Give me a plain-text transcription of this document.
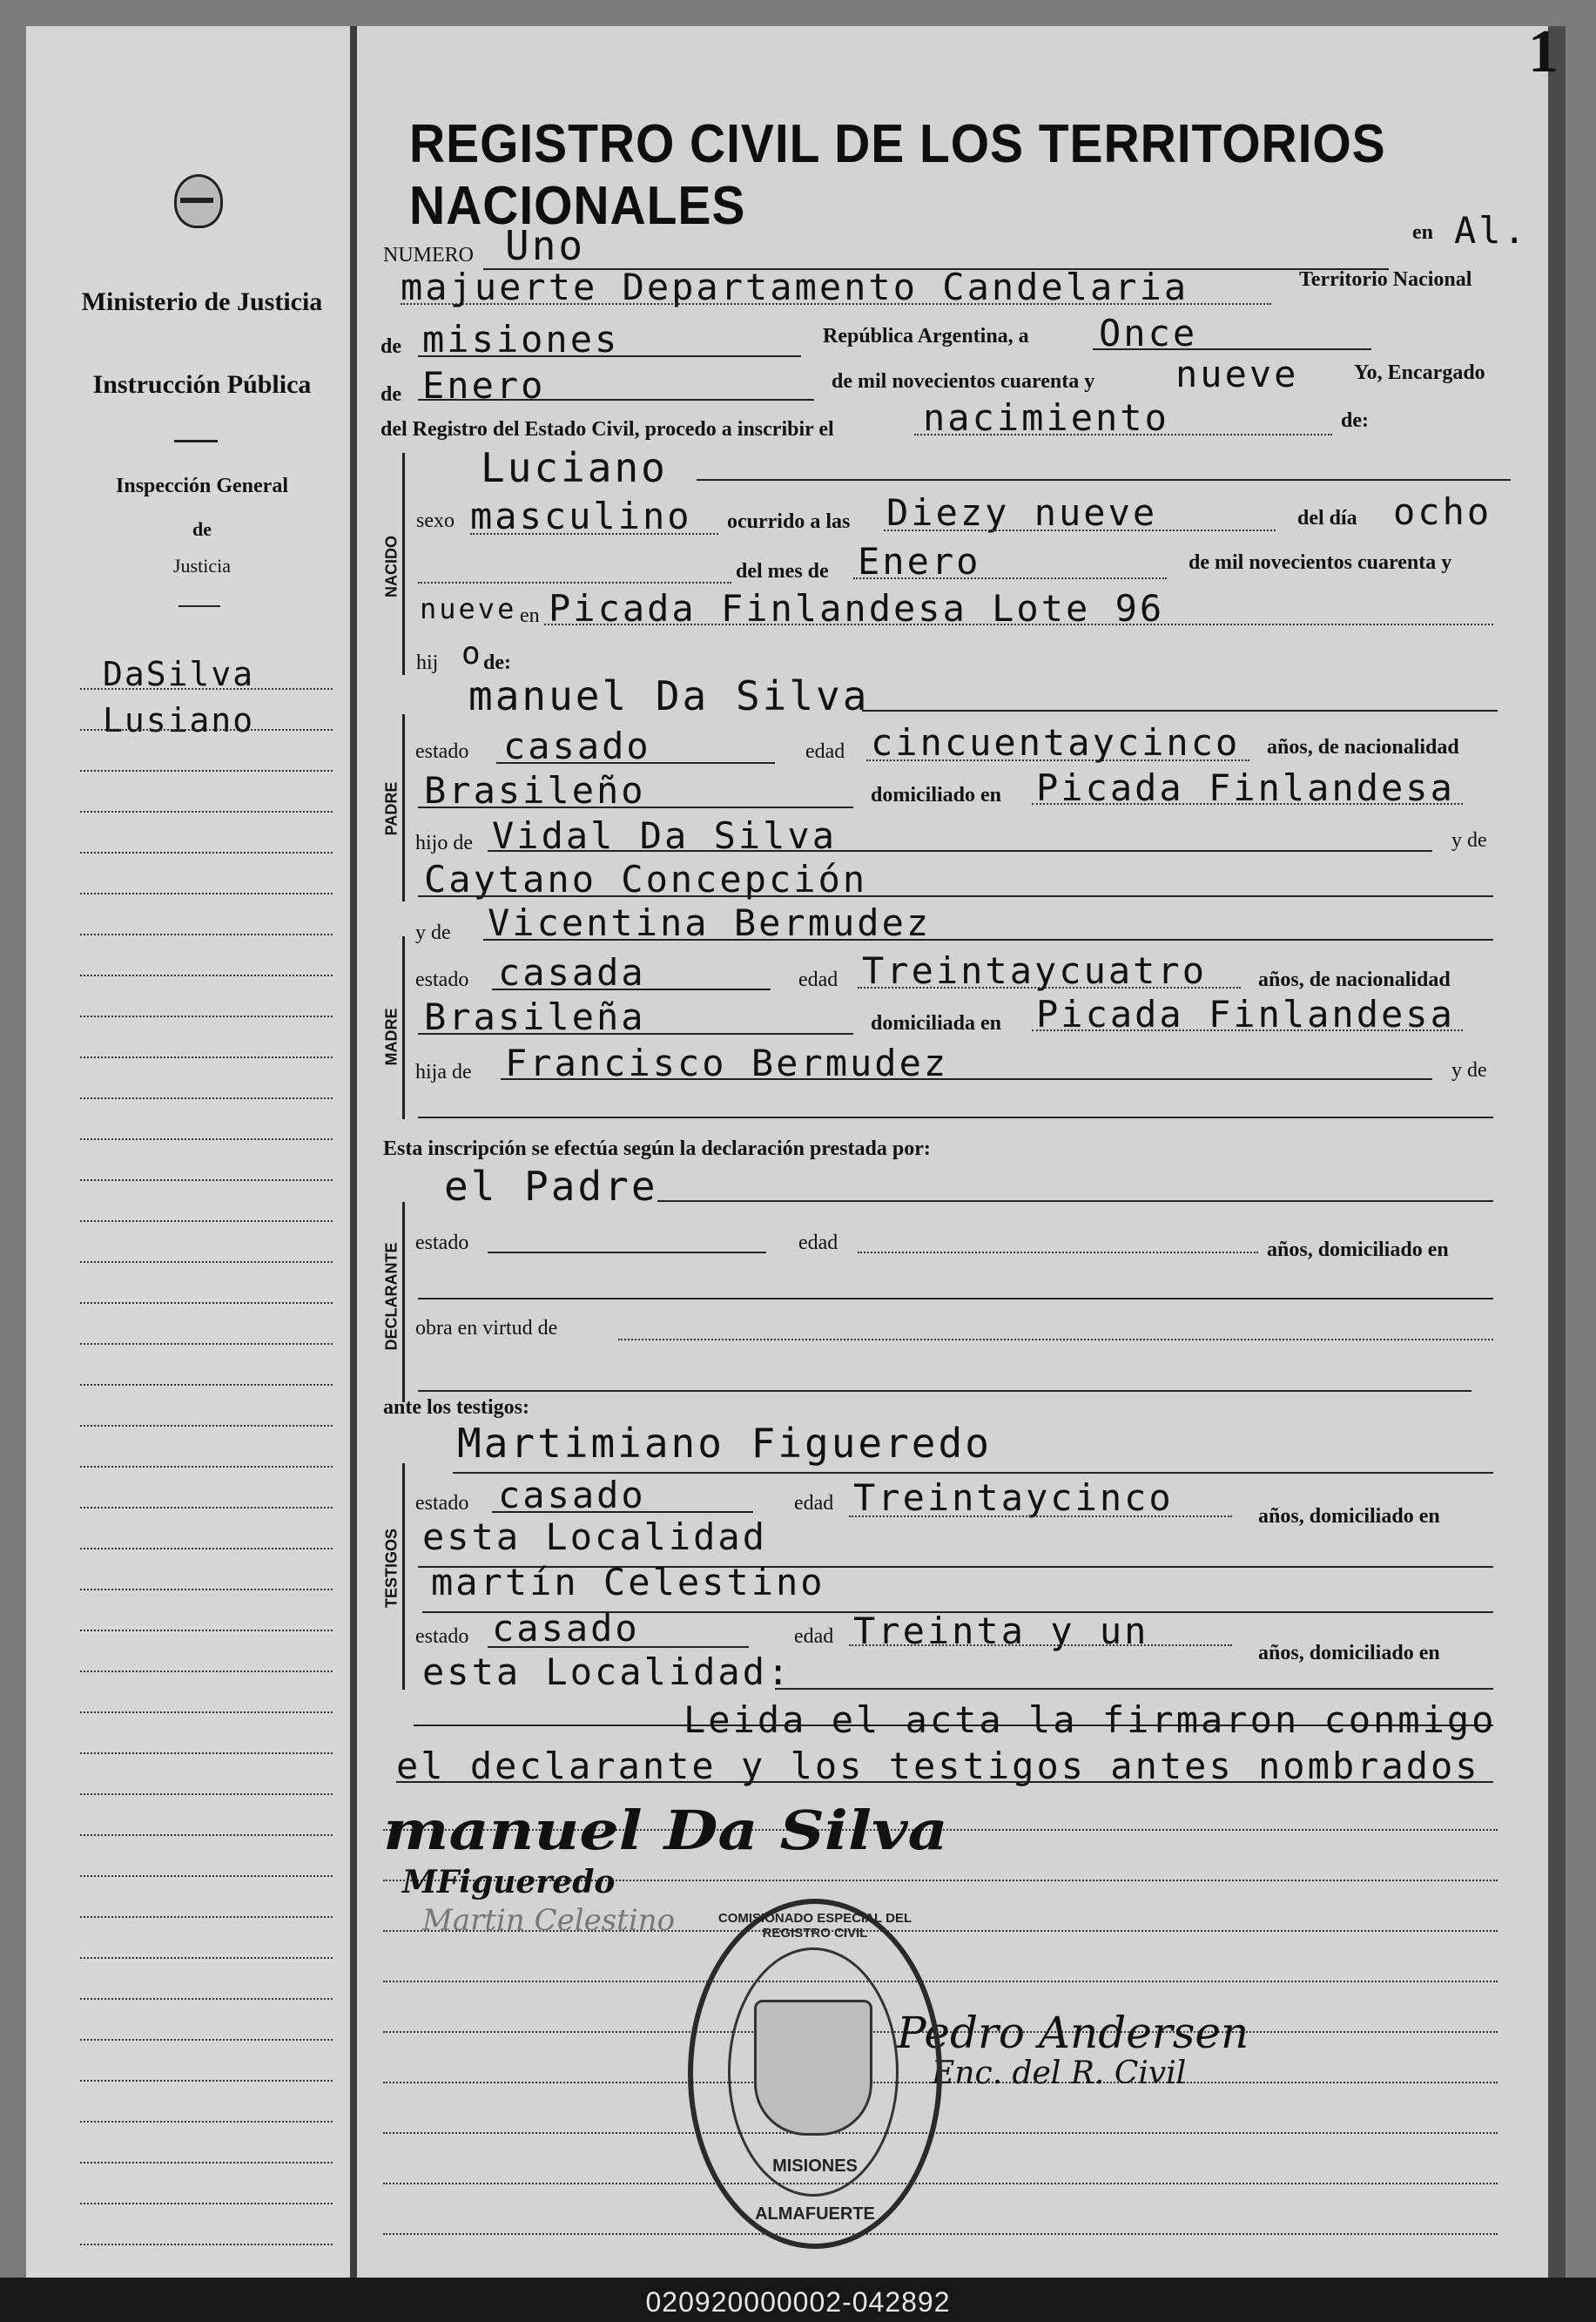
1
Ministerio de Justicia
Instrucción Pública
Inspección General
de
Justicia
DaSilva
Lusiano
REGISTRO CIVIL DE LOS TERRITORIOS NACIONALES
NUMERO Uno	en Al.
majuerte Departamento Candelaria	Territorio Nacional
de misiones	República Argentina, a Once
de Enero	de mil novecientos cuarenta y nueve	Yo, Encargado
del Registro del Estado Civil, procedo a inscribir el nacimiento	de:
NACIDO
Luciano
sexo masculino ocurrido a las Diezy nueve	del día ocho
del mes de Enero	de mil novecientos cuarenta y
nueve en Picada Finlandesa Lote 96
hij o de:
PADRE
manuel Da Silva
estado casado	edad cincuentaycinco años, de nacionalidad
Brasileño	domiciliado en Picada Finlandesa
hijo de Vidal Da Silva	y de
Caytano Concepción
MADRE
y de Vicentina Bermudez
estado casada	edad Treintaycuatro años, de nacionalidad
Brasileña	domiciliada en Picada Finlandesa
hija de Francisco Bermudez	y de
Esta inscripción se efectúa según la declaración prestada por:
DECLARANTE
el Padre
estado	edad	años, domiciliado en
obra en virtud de
ante los testigos:
TESTIGOS
Martimiano Figueredo
estado casado	edad Treintaycinco	años, domiciliado en
esta Localidad
martín Celestino
estado casado	edad Treinta y un
años, domiciliado en
esta Localidad:
Leida el acta la firmaron conmigo
el declarante y los testigos antes nombrados
manuel Da Silva
MFigueredo
Martin Celestino
Pedro Andersen
Enc. del R. Civil
COMISIONADO ESPECIAL DEL REGISTRO CIVIL
MISIONES
ALMAFUERTE
020920000002-042892
